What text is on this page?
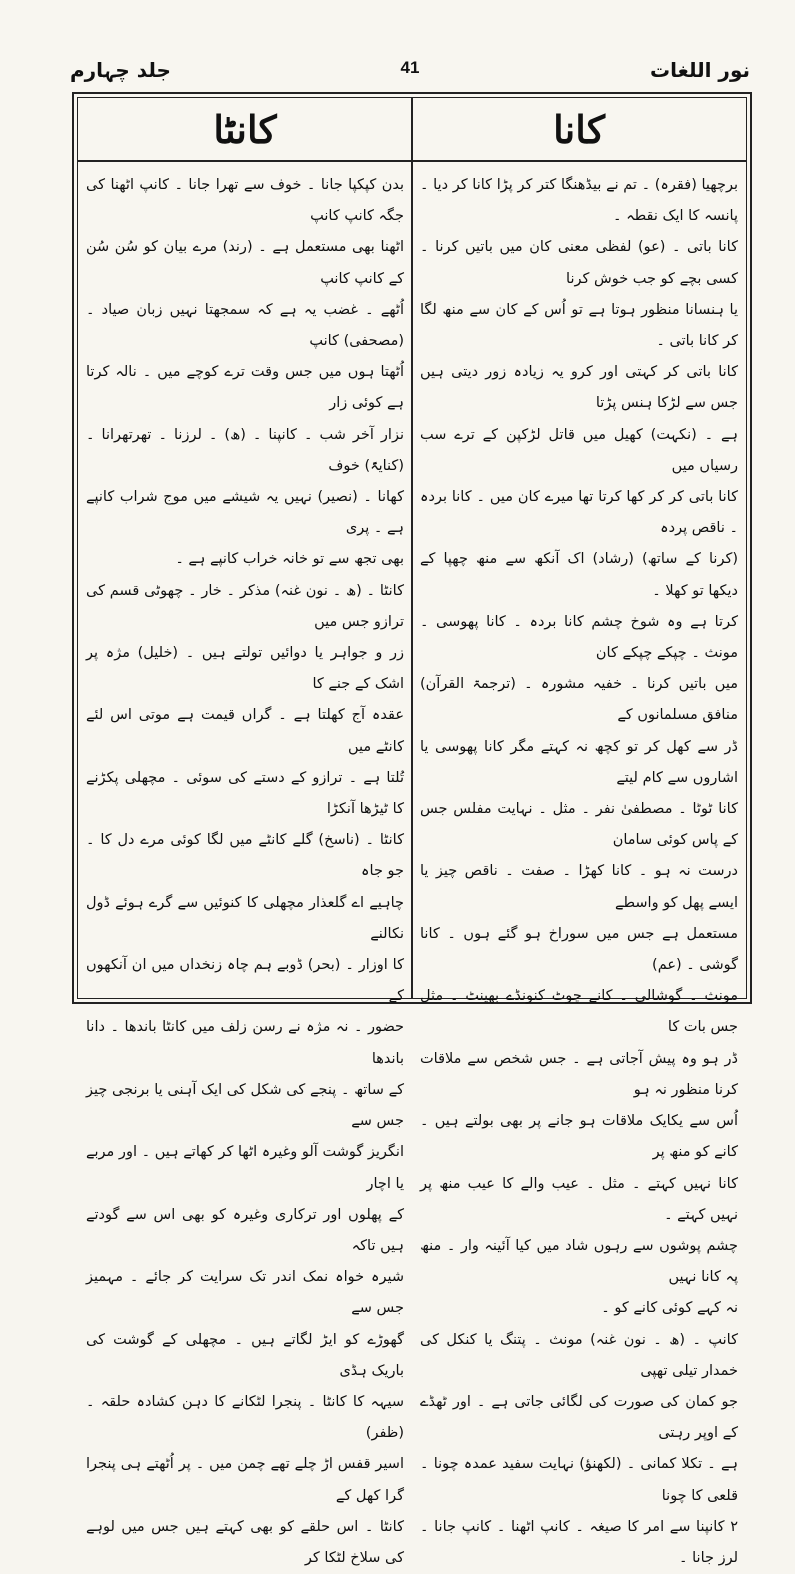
جلد چہارم	41	نور اللغات
کانٹا	کانا

برچھیا (فقرہ) ۔ تم نے بیڈھنگا کتر کر پڑا کانا کر دیا ۔ پانسہ کا ایک نقطہ ۔

کانا باتی ۔ (عو) لفظی معنی کان میں باتیں کرنا ۔ کسی بچے کو جب خوش کرنا

یا ہنسانا منظور ہوتا ہے تو اُس کے کان سے منھ لگا کر کانا باتی ۔

کانا باتی کر کہتی اور کرو یہ زیادہ زور دیتی ہیں جس سے لڑکا ہنس پڑتا

ہے ۔ (نکہت) کھیل میں قاتل لڑکپن کے ترے سب رسیاں میں

کانا باتی کر کر کھا کرتا تھا میرے کان میں ۔ کانا بردہ ۔ ناقص پردہ

(کرنا کے ساتھ) (رشاد) اک آنکھ سے منھ چھپا کے دیکھا تو کھلا ۔

کرتا ہے وہ شوخ چشم کانا بردہ ۔ کانا پھوسی ۔ مونث ۔ چپکے چپکے کان

میں باتیں کرنا ۔ خفیہ مشورہ ۔ (ترجمۃ القرآن) منافق مسلمانوں کے

ڈر سے کھل کر تو کچھ نہ کہتے مگر کانا پھوسی یا اشاروں سے کام لیتے

کانا ٹوٹا ۔ مصطفیٰ نفر ۔ مثل ۔ نہایت مفلس جس کے پاس کوئی سامان

درست نہ ہو ۔ کانا کھڑا ۔ صفت ۔ ناقص چیز یا ایسے پھل کو واسطے

مستعمل ہے جس میں سوراخ ہو گئے ہوں ۔ کانا گوشی ۔ (عم)

مونث ۔ گوشالی ۔ کانے چوٹ کنونڈے بھینٹ ۔ مثل جس بات کا

ڈر ہو وہ پیش آجاتی ہے ۔ جس شخص سے ملاقات کرنا منظور نہ ہو

اُس سے یکایک ملاقات ہو جانے پر بھی بولتے ہیں ۔ کانے کو منھ پر

کانا نہیں کہتے ۔ مثل ۔ عیب والے کا عیب منھ پر نہیں کہتے ۔

چشم پوشوں سے رہوں شاد میں کیا آئینہ وار ۔ منھ پہ کانا نہیں

نہ کہے کوئی کانے کو ۔

کانپ ۔ (ھ ۔ نون غنہ) مونث ۔ پتنگ یا کنکل کی خمدار تیلی تھپی

جو کمان کی صورت کی لگائی جاتی ہے ۔ اور ٹھڈے کے اوپر رہتی

ہے ۔ تکلا کمانی ۔ (لکھنؤ) نہایت سفید عمدہ چونا ۔ قلعی کا چونا

۲ کانپنا سے امر کا صیغہ ۔ کانپ اٹھنا ۔ کانپ جانا ۔ لرز جانا ۔

بدن کپکپا جانا ۔ خوف سے تھرا جانا ۔ کانپ اٹھنا کی جگہ کانپ کانپ

اٹھنا بھی مستعمل ہے ۔ (رند) مرے بیان کو سُن سُن کے کانپ کانپ

اُٹھے ۔ غضب یہ ہے کہ سمجھتا نہیں زبان صیاد ۔ (مصحفی) کانپ

اُٹھتا ہوں میں جس وقت ترے کوچے میں ۔ نالہ کرتا ہے کوئی زار

نزار آخر شب ۔ کانپنا ۔ (ھ) ۔ لرزنا ۔ تھرتھرانا ۔ (کنایۃً) خوف

کھانا ۔ (نصیر) نہیں یہ شیشے میں موج شراب کانپے ہے ۔ پری

بھی تجھ سے تو خانہ خراب کانپے ہے ۔

کانٹا ۔ (ھ ۔ نون غنہ) مذکر ۔ خار ۔ چھوٹی قسم کی ترازو جس میں

زر و جواہر یا دوائیں تولتے ہیں ۔ (خلیل) مژہ پر اشک کے جنے کا

عقدہ آج کھلتا ہے ۔ گراں قیمت ہے موتی اس لئے کانٹے میں

تُلتا ہے ۔ ترازو کے دستے کی سوئی ۔ مچھلی پکڑنے کا ٹیڑھا آنکڑا

کانٹا ۔ (ناسخ) گلے کانٹے میں لگا کوئی مرے دل کا ۔ جو جاہ

چاہیے اے گلعذار مچھلی کا کنوئیں سے گرے ہوئے ڈول نکالنے

کا اوزار ۔ (بحر) ڈوبے ہم چاہ زنخداں میں ان آنکھوں کے

حضور ۔ نہ مژہ نے رسن زلف میں کانٹا باندھا ۔ دانا باندھا

کے ساتھ ۔ پنجے کی شکل کی ایک آہنی یا برنجی چیز جس سے

انگریز گوشت آلو وغیرہ اٹھا کر کھاتے ہیں ۔ اور مربے یا اچار

کے پھلوں اور ترکاری وغیرہ کو بھی اس سے گودتے ہیں تاکہ

شیرہ خواہ نمک اندر تک سرایت کر جائے ۔ مہمیز جس سے

گھوڑے کو ایڑ لگاتے ہیں ۔ مچھلی کے گوشت کی باریک ہڈی

سیہہ کا کانٹا ۔ پنجرا لٹکانے کا دہن کشادہ حلقہ ۔ (ظفر)

اسیر قفس اڑ چلے تھے چمن میں ۔ پر اُٹھتے ہی پنجرا گرا کھل کے

کانٹا ۔ اس حلقے کو بھی کہتے ہیں جس میں لوہے کی سلاخ لٹکا کر
